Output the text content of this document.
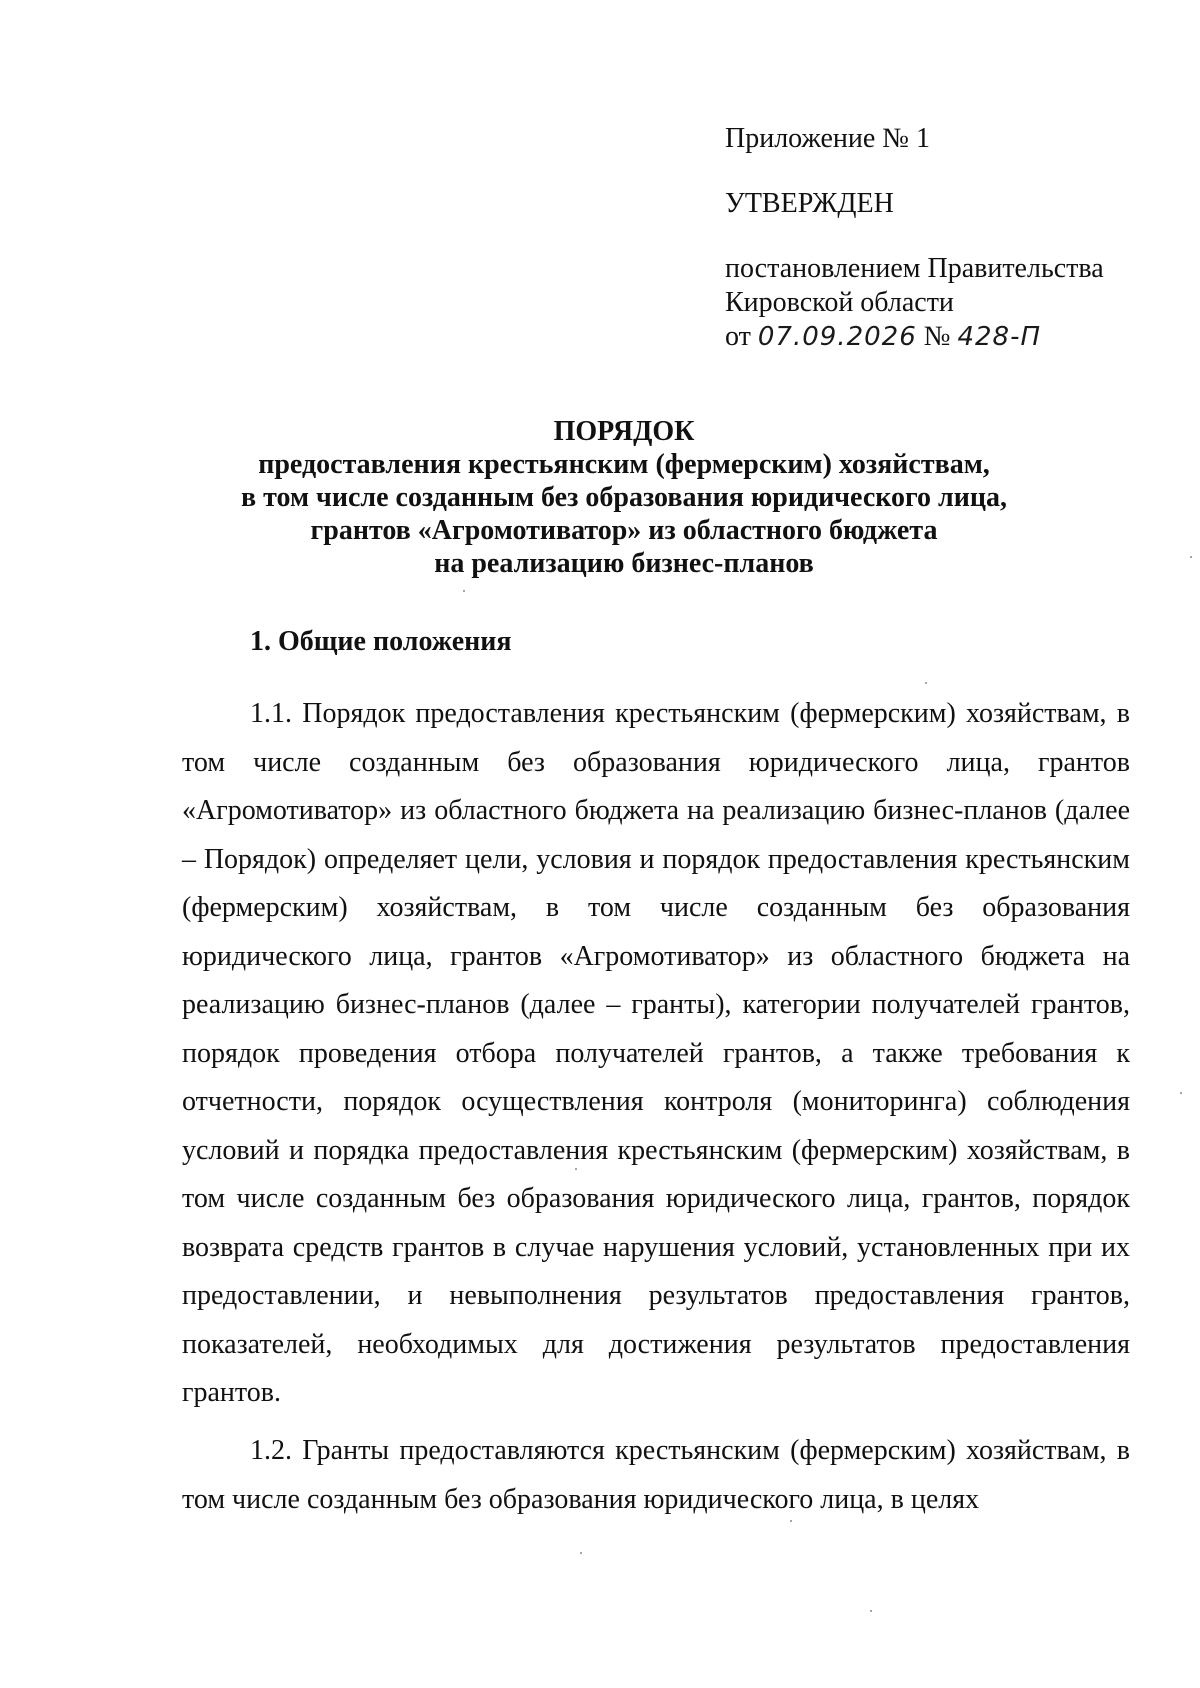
Приложение № 1
УТВЕРЖДЕН
постановлением Правительства
Кировской области
от 07.09.2026 № 428-П
ПОРЯДОК
предоставления крестьянским (фермерским) хозяйствам,
в том числе созданным без образования юридического лица,
грантов «Агромотиватор» из областного бюджета
на реализацию бизнес-планов
1. Общие положения

1.1. Порядок предоставления крестьянским (фермерским) хозяйствам, в том числе созданным без образования юридического лица, грантов «Агромотиватор» из областного бюджета на реализацию бизнес-планов (далее – Порядок) определяет цели, условия и порядок предоставления крестьянским (фермерским) хозяйствам, в том числе созданным без образования юридического лица, грантов «Агромотиватор» из областного бюджета на реализацию бизнес-планов (далее – гранты), категории получателей грантов, порядок проведения отбора получателей грантов, а также требования к отчетности, порядок осуществления контроля (мониторинга) соблюдения условий и порядка предоставления крестьянским (фермерским) хозяйствам, в том числе созданным без образования юридического лица, грантов, порядок возврата средств грантов в случае нарушения условий, установленных при их предоставлении, и невыполнения результатов предоставления грантов, показателей, необходимых для достижения результатов предоставления грантов.

1.2. Гранты предоставляются крестьянским (фермерским) хозяйствам, в том числе созданным без образования юридического лица, в целях
